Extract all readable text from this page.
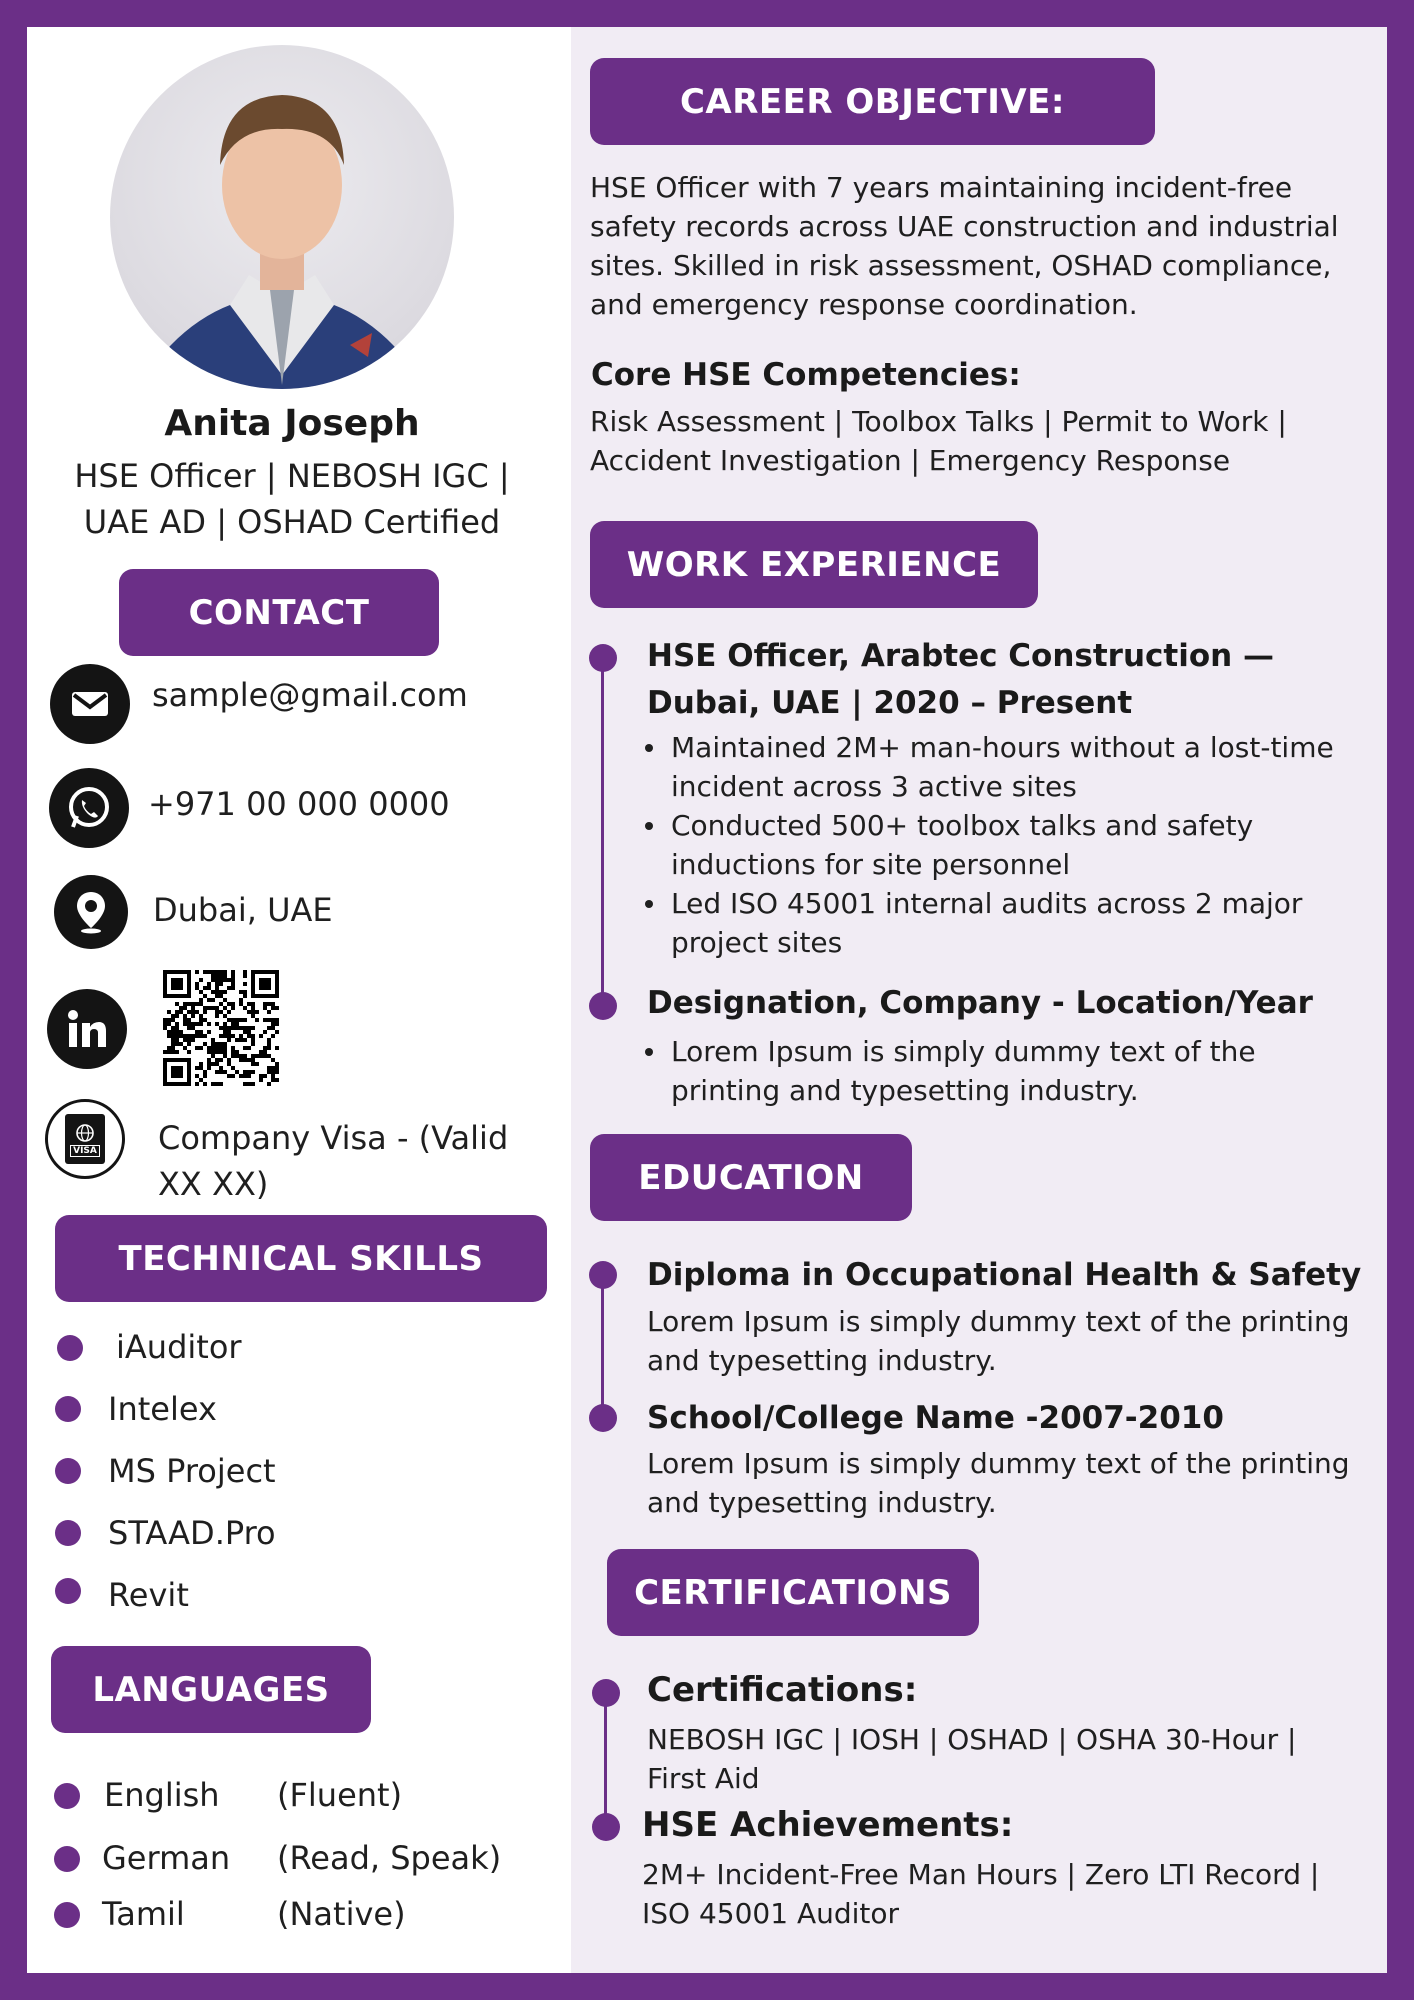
Anita Joseph
HSE Officer | NEBOSH IGC |
UAE AD | OSHAD Certified
CONTACT
sample@gmail.com
+971 00 000 0000
Dubai, UAE
VISA Company Visa - (Valid
XX XX)
TECHNICAL SKILLS
iAuditor
Intelex
MS Project
STAAD.Pro
Revit
LANGUAGES
English (Fluent)
German (Read, Speak)
Tamil	(Native)
CAREER OBJECTIVE:
HSE Officer with 7 years maintaining incident-free
safety records across UAE construction and industrial
sites. Skilled in risk assessment, OSHAD compliance,
and emergency response coordination.
Core HSE Competencies:
Risk Assessment | Toolbox Talks | Permit to Work |
Accident Investigation | Emergency Response
WORK EXPERIENCE
HSE Officer, Arabtec Construction —
Dubai, UAE | 2020 – Present
Maintained 2M+ man-hours without a lost-time
incident across 3 active sites
Conducted 500+ toolbox talks and safety
inductions for site personnel
Led ISO 45001 internal audits across 2 major
project sites
Designation, Company - Location/Year
Lorem Ipsum is simply dummy text of the
printing and typesetting industry.
EDUCATION
Diploma in Occupational Health & Safety
Lorem Ipsum is simply dummy text of the printing
and typesetting industry.
School/College Name -2007-2010
Lorem Ipsum is simply dummy text of the printing
and typesetting industry.
CERTIFICATIONS
Certifications:
NEBOSH IGC | IOSH | OSHAD | OSHA 30-Hour |
First Aid
HSE Achievements:
2M+ Incident-Free Man Hours | Zero LTI Record |
ISO 45001 Auditor
